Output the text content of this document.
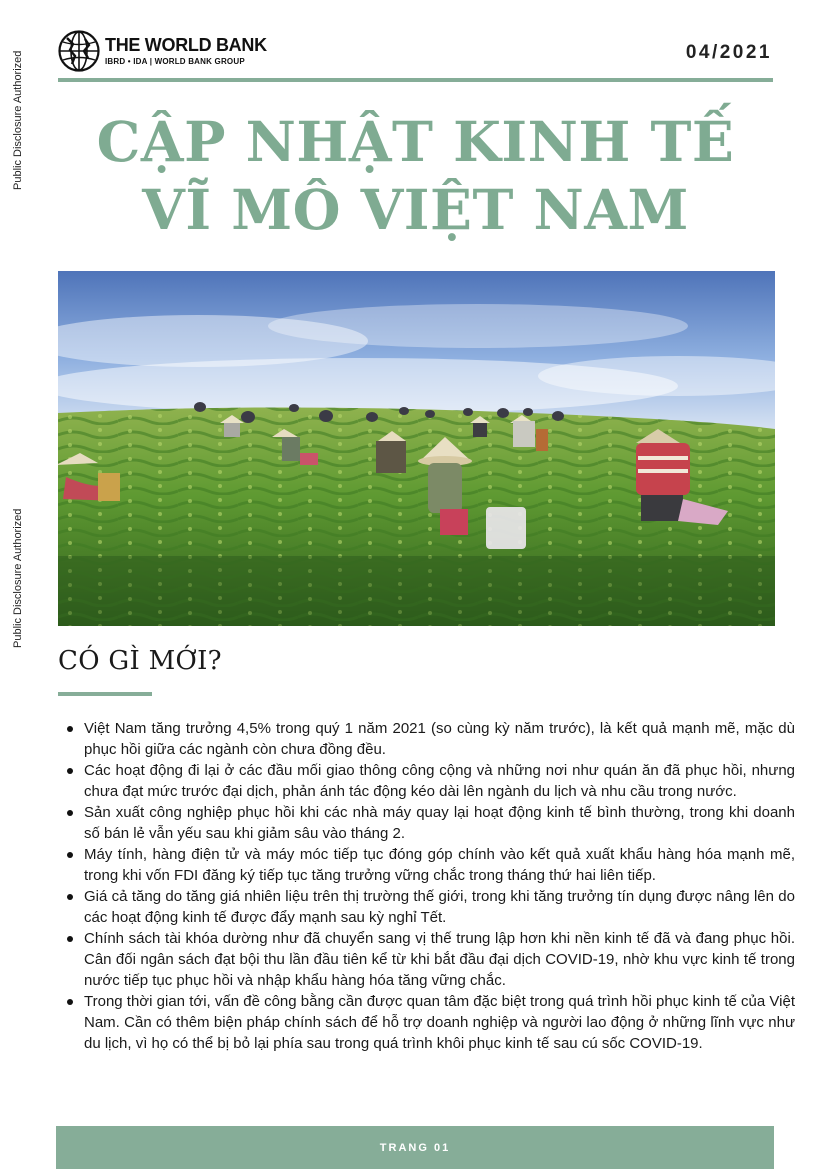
Public Disclosure Authorized
Public Disclosure Authorized
THE WORLD BANK
IBRD • IDA | WORLD BANK GROUP	04/2021
CẬP NHẬT KINH TẾ
VĨ MÔ VIỆT NAM
CÓ GÌ MỚI?
Việt Nam tăng trưởng 4,5% trong quý 1 năm 2021 (so cùng kỳ năm trước), là kết quả mạnh mẽ, mặc dù phục hồi giữa các ngành còn chưa đồng đều.
Các hoạt động đi lại ở các đầu mối giao thông công cộng và những nơi như quán ăn đã phục hồi, nhưng chưa đạt mức trước đại dịch, phản ánh tác động kéo dài lên ngành du lịch và nhu cầu trong nước.
Sản xuất công nghiệp phục hồi khi các nhà máy quay lại hoạt động kinh tế bình thường, trong khi doanh số bán lẻ vẫn yếu sau khi giảm sâu vào tháng 2.
Máy tính, hàng điện tử và máy móc tiếp tục đóng góp chính vào kết quả xuất khẩu hàng hóa mạnh mẽ, trong khi vốn FDI đăng ký tiếp tục tăng trưởng vững chắc trong tháng thứ hai liên tiếp.
Giá cả tăng do tăng giá nhiên liệu trên thị trường thế giới, trong khi tăng trưởng tín dụng được nâng lên do các hoạt động kinh tế được đẩy mạnh sau kỳ nghỉ Tết.
Chính sách tài khóa dường như đã chuyển sang vị thế trung lập hơn khi nền kinh tế đã và đang phục hồi. Cân đối ngân sách đạt bội thu lần đầu tiên kể từ khi bắt đầu đại dịch COVID-19, nhờ khu vực kinh tế trong nước tiếp tục phục hồi và nhập khẩu hàng hóa tăng vững chắc.
Trong thời gian tới, vấn đề công bằng cần được quan tâm đặc biệt trong quá trình hồi phục kinh tế của Việt Nam. Cần có thêm biện pháp chính sách để hỗ trợ doanh nghiệp và người lao động ở những lĩnh vực như du lịch, vì họ có thể bị bỏ lại phía sau trong quá trình khôi phục kinh tế sau cú sốc COVID-19.
TRANG 01
